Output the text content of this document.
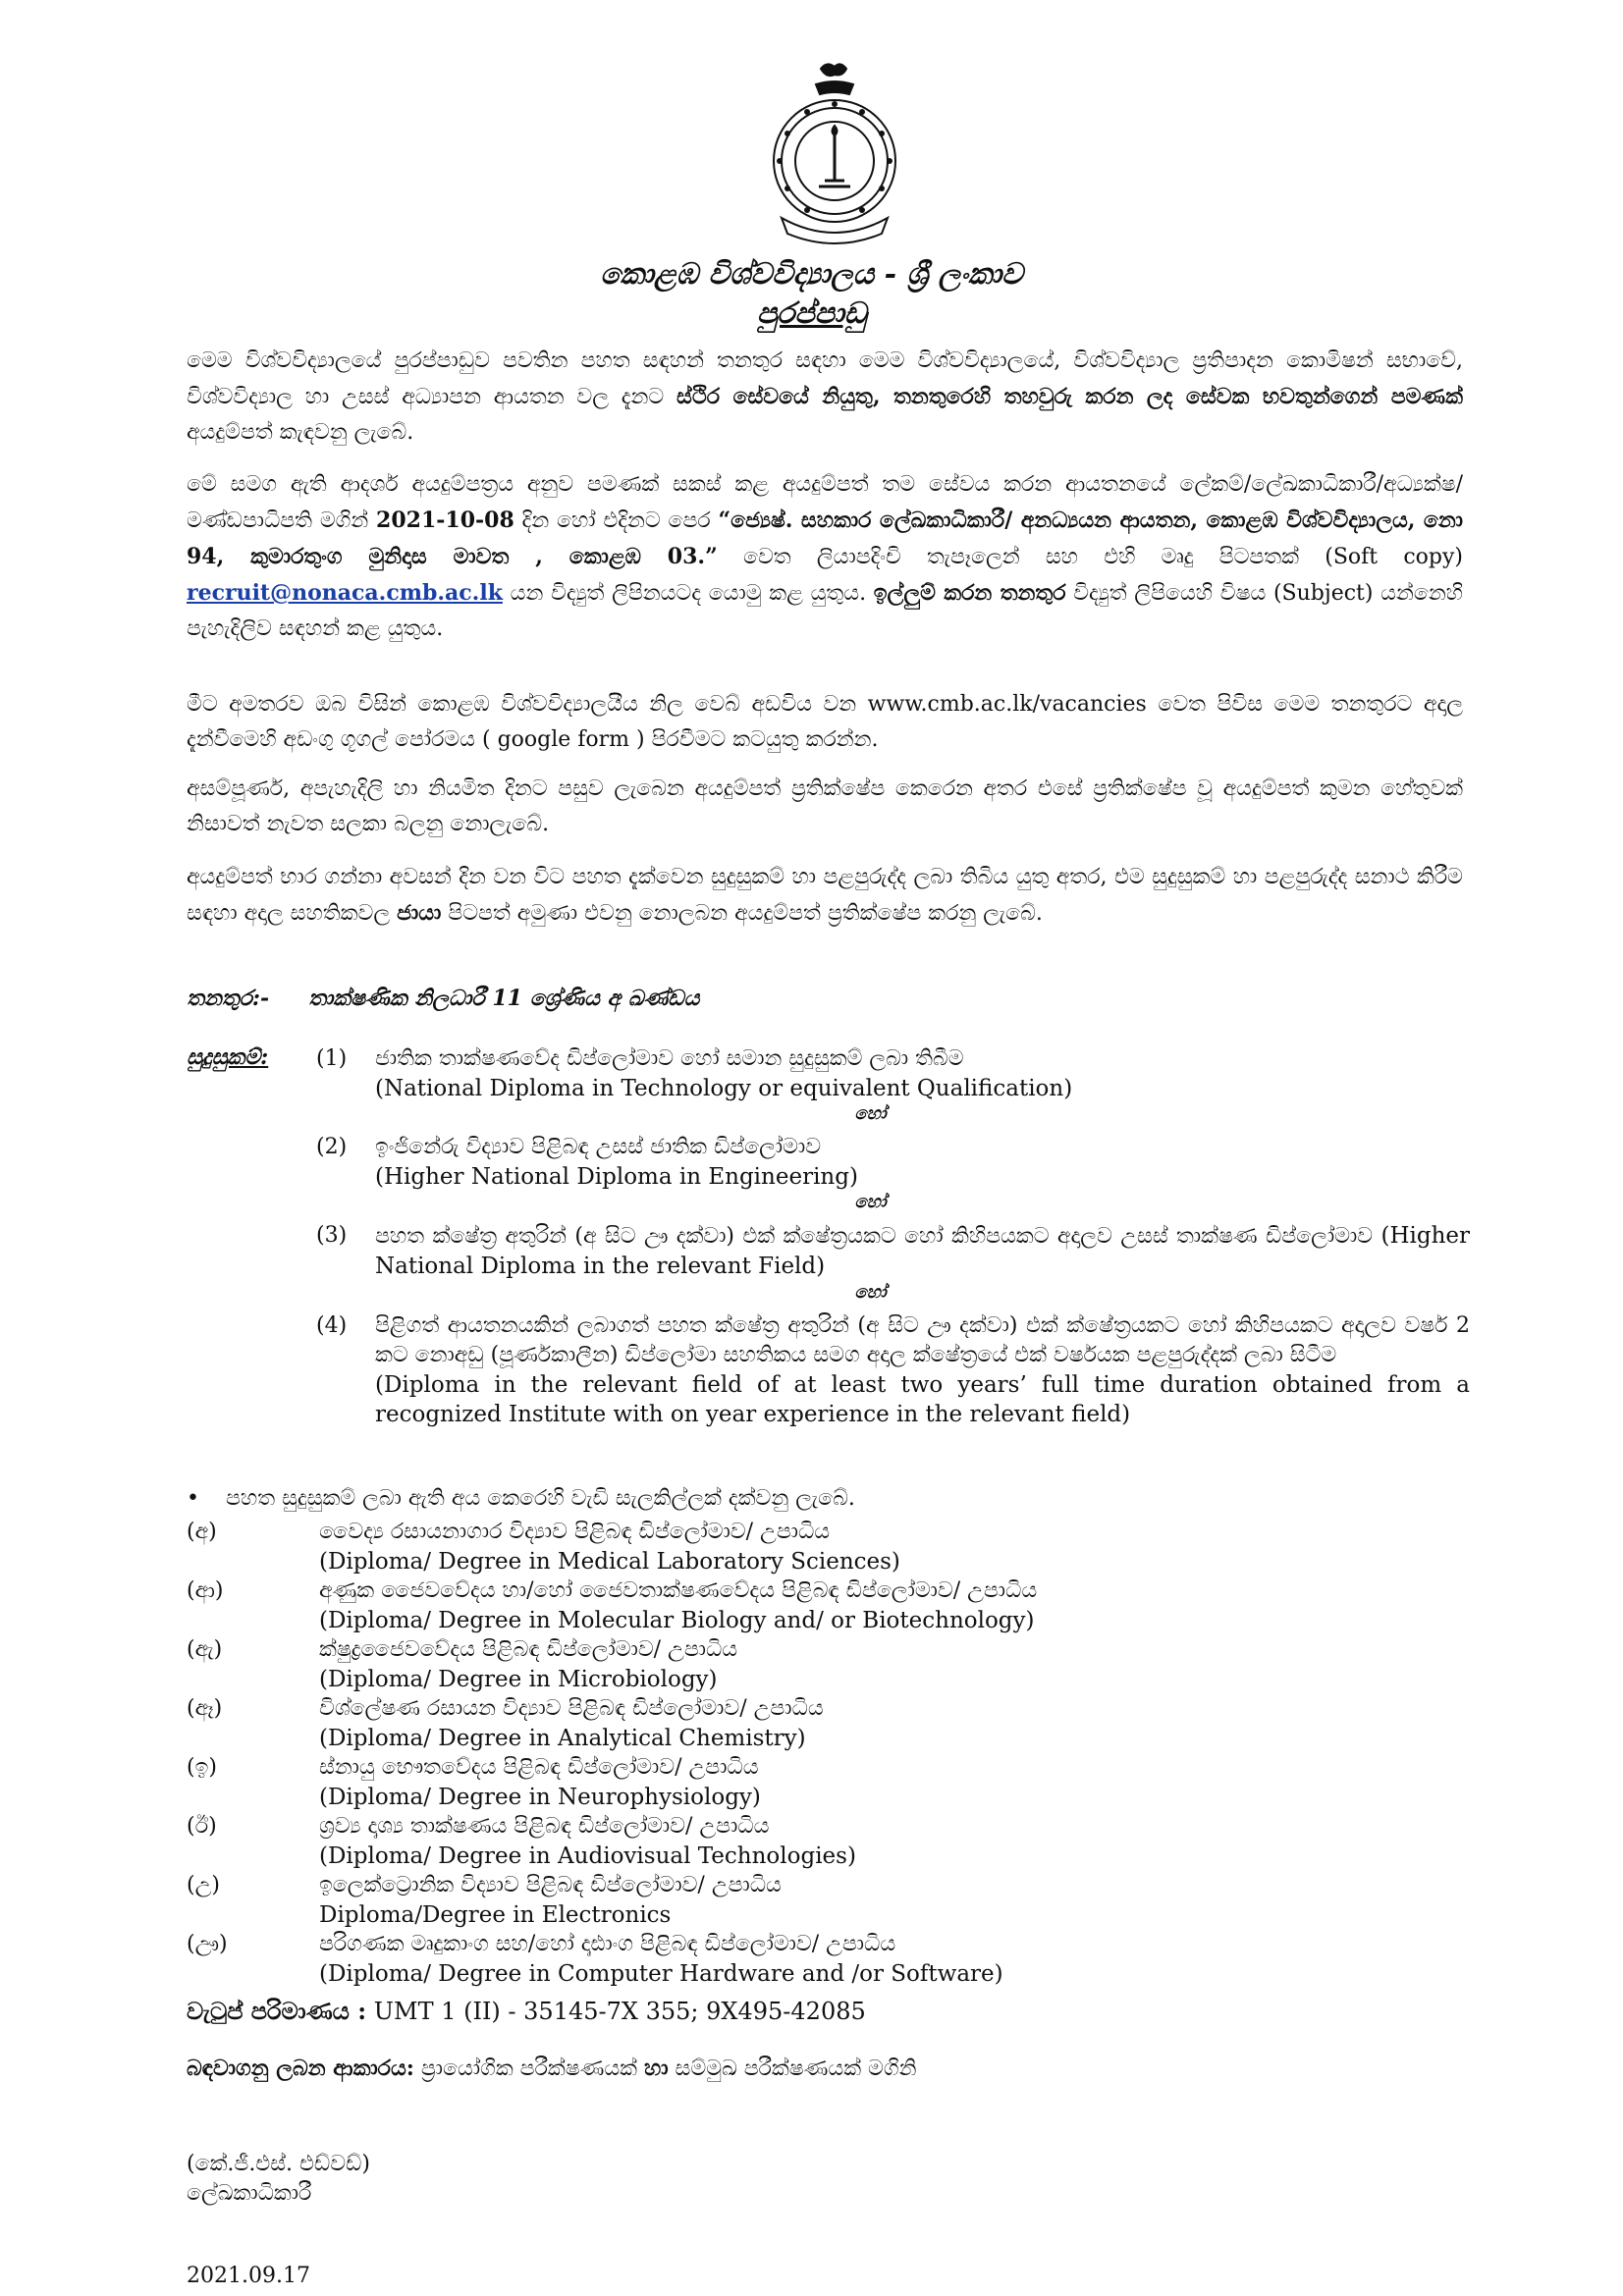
කොළඹ විශ්වවිද්‍යාලය - ශ්‍රී ලංකාව
පුරප්පාඩු
මෙම විශ්වවිද්‍යාලයේ පුරප්පාඩුව පවතින පහත සඳහන් තනතුර සඳහා මෙම විශ්වවිද්‍යාලයේ, විශ්වවිද්‍යාල ප්‍රතිපාදන කොමිෂන් සභාවේ, විශ්වවිද්‍යාල හා උසස් අධ්‍යාපන ආයතන වල දැනට ස්ථිර සේවයේ නියුතු, තනතුරෙහි තහවුරු කරන ලද සේවක භවතුන්ගෙන් පමණක් අයදුම්පත් කැඳවනු ලැබේ.
මේ සමග ඇති ආදර්ශ අයදුම්පත්‍රය අනුව පමණක් සකස් කළ අයදුම්පත් තම සේවය කරන ආයතනයේ ලේකම්/ලේඛකාධිකාරී/අධ්‍යක්ෂ/මණ්ඩපාධිපති මගින් 2021-10-08 දින හෝ එදිනට පෙර “ජ්‍යෙෂ්. සහකාර ලේඛකාධිකාරී/ අනධ්‍යයන ආයතන, කොළඹ විශ්වවිද්‍යාලය, නො 94, කුමාරතුංග මුනිදාස මාවත , කොළඹ 03.” වෙත ලියාපදිංචි තැපෑලෙන් සහ එහි මෘදු පිටපතක් (Soft copy) recruit@nonaca.cmb.ac.lk යන විද්‍යුත් ලිපිනයටද යොමු කළ යුතුය. ඉල්ලුම් කරන තනතුර විද්‍යුත් ලිපියෙහි විෂය (Subject) යන්නෙහි පැහැදිලිව සඳහන් කළ යුතුය.
මීට අමතරව ඔබ විසින් කොළඹ විශ්වවිද්‍යාලයීය නිල වෙබ් අඩවිය වන www.cmb.ac.lk/vacancies වෙත පිවිස මෙම තනතුරට අදාල දැන්වීමෙහි අඩංගු ගූගල් පෝරමය ( google form ) පිරවීමට කටයුතු කරන්න.
අසම්පූර්ණ, අපැහැදිලි හා නියමිත දිනට පසුව ලැබෙන අයදුම්පත් ප්‍රතික්ෂේප කෙරෙන අතර එසේ ප්‍රතික්ෂේප වූ අයදුම්පත් කුමන හේතුවක් නිසාවත් නැවත සලකා බලනු නොලැබේ.
අයදුම්පත් භාර ගන්නා අවසන් දින වන විට පහත දැක්වෙන සුදුසුකම් හා පළපුරුද්ද ලබා තිබිය යුතු අතර, එම සුදුසුකම් හා පළපුරුද්ද සනාථ කිරීම සඳහා අදාල සහතිකවල ජායා පිටපත් අමුණා එවනු නොලබන අයදුම්පත් ප්‍රතික්ෂේප කරනු ලැබේ.
තනතුර:- තාක්ෂණික නිලධාරී 11 ශ්‍රේණිය අ ඛණ්ඩය
සුදුසුකම්: (1)	ජාතික තාක්ෂණවේද ඩිප්ලෝමාව හෝ සමාන සුදුසුකම් ලබා තිබීම
(National Diploma in Technology or equivalent Qualification)
හෝ
(2)	ඉංජිනේරු විද්‍යාව පිළිබඳ උසස් ජාතික ඩිප්ලෝමාව
(Higher National Diploma in Engineering)
හෝ
(3)	පහත ක්ෂේත්‍ර අතුරින් (අ සිට ඌ දක්වා) එක් ක්ෂේත්‍රයකට හෝ කිහිපයකට අදාලව උසස් තාක්ෂණ ඩිප්ලෝමාව (Higher National Diploma in the relevant Field)
හෝ
(4)	පිළිගත් ආයතනයකින් ලබාගත් පහත ක්ෂේත්‍ර අතුරින් (අ සිට ඌ දක්වා) එක් ක්ෂේත්‍රයකට හෝ කිහිපයකට අදාලව වර්ෂ 2 කට නොඅඩු (පූර්ණකාලීන) ඩිප්ලෝමා සහතිකය සමග අදාල ක්ෂේත්‍රයේ එක් වර්ෂයක පළපුරුද්දක් ලබා සිටීම
(Diploma in the relevant field of at least two years’ full time duration obtained from a recognized Institute with on year experience in the relevant field)
• පහත සුදුසුකම් ලබා ඇති අය කෙරෙහි වැඩි සැලකිල්ලක් දක්වනු ලැබේ.
(අ)	වෛද්‍ය රසායනාගාර විද්‍යාව පිළිබඳ ඩිප්ලෝමාව/ උපාධිය
(Diploma/ Degree in Medical Laboratory Sciences)
(ආ)	අණුක ජෛවවේදය හා/හෝ ජෛවතාක්ෂණවේදය පිළිබඳ ඩිප්ලෝමාව/ උපාධිය
(Diploma/ Degree in Molecular Biology and/ or Biotechnology)
(ඇ)	ක්ෂුද්‍රජෛවවේදය පිළිබඳ ඩිප්ලෝමාව/ උපාධිය
(Diploma/ Degree in Microbiology)
(ඈ)	විශ්ලේෂණ රසායන විද්‍යාව පිළිබඳ ඩිප්ලෝමාව/ උපාධිය
(Diploma/ Degree in Analytical Chemistry)
(ඉ)	ස්නායු භෞතවේදය පිළිබඳ ඩිප්ලෝමාව/ උපාධිය
(Diploma/ Degree in Neurophysiology)
(ඊ)	ශ්‍රව්‍ය දෘශ්‍ය තාක්ෂණය පිළිබඳ ඩිප්ලෝමාව/ උපාධිය
(Diploma/ Degree in Audiovisual Technologies)
(උ)	ඉලෙක්ට්‍රොනික විද්‍යාව පිළිබඳ ඩිප්ලෝමාව/ උපාධිය
Diploma/Degree in Electronics
(ඌ)	පරිගණක මෘදුකාංග සහ/හෝ දෘඪාංග පිළිබඳ ඩිප්ලෝමාව/ උපාධිය
(Diploma/ Degree in Computer Hardware and /or Software)
වැටුප් පරිමාණය : UMT 1 (II) - 35145-7X 355; 9X495-42085
බඳවාගනු ලබන ආකාරය: ප්‍රායෝගික පරීක්ෂණයක් හා සම්මුඛ පරීක්ෂණයක් මගිනි
(කේ.ජී.එස්. එඩ්වඩ්)
ලේඛකාධිකාරී
2021.09.17
